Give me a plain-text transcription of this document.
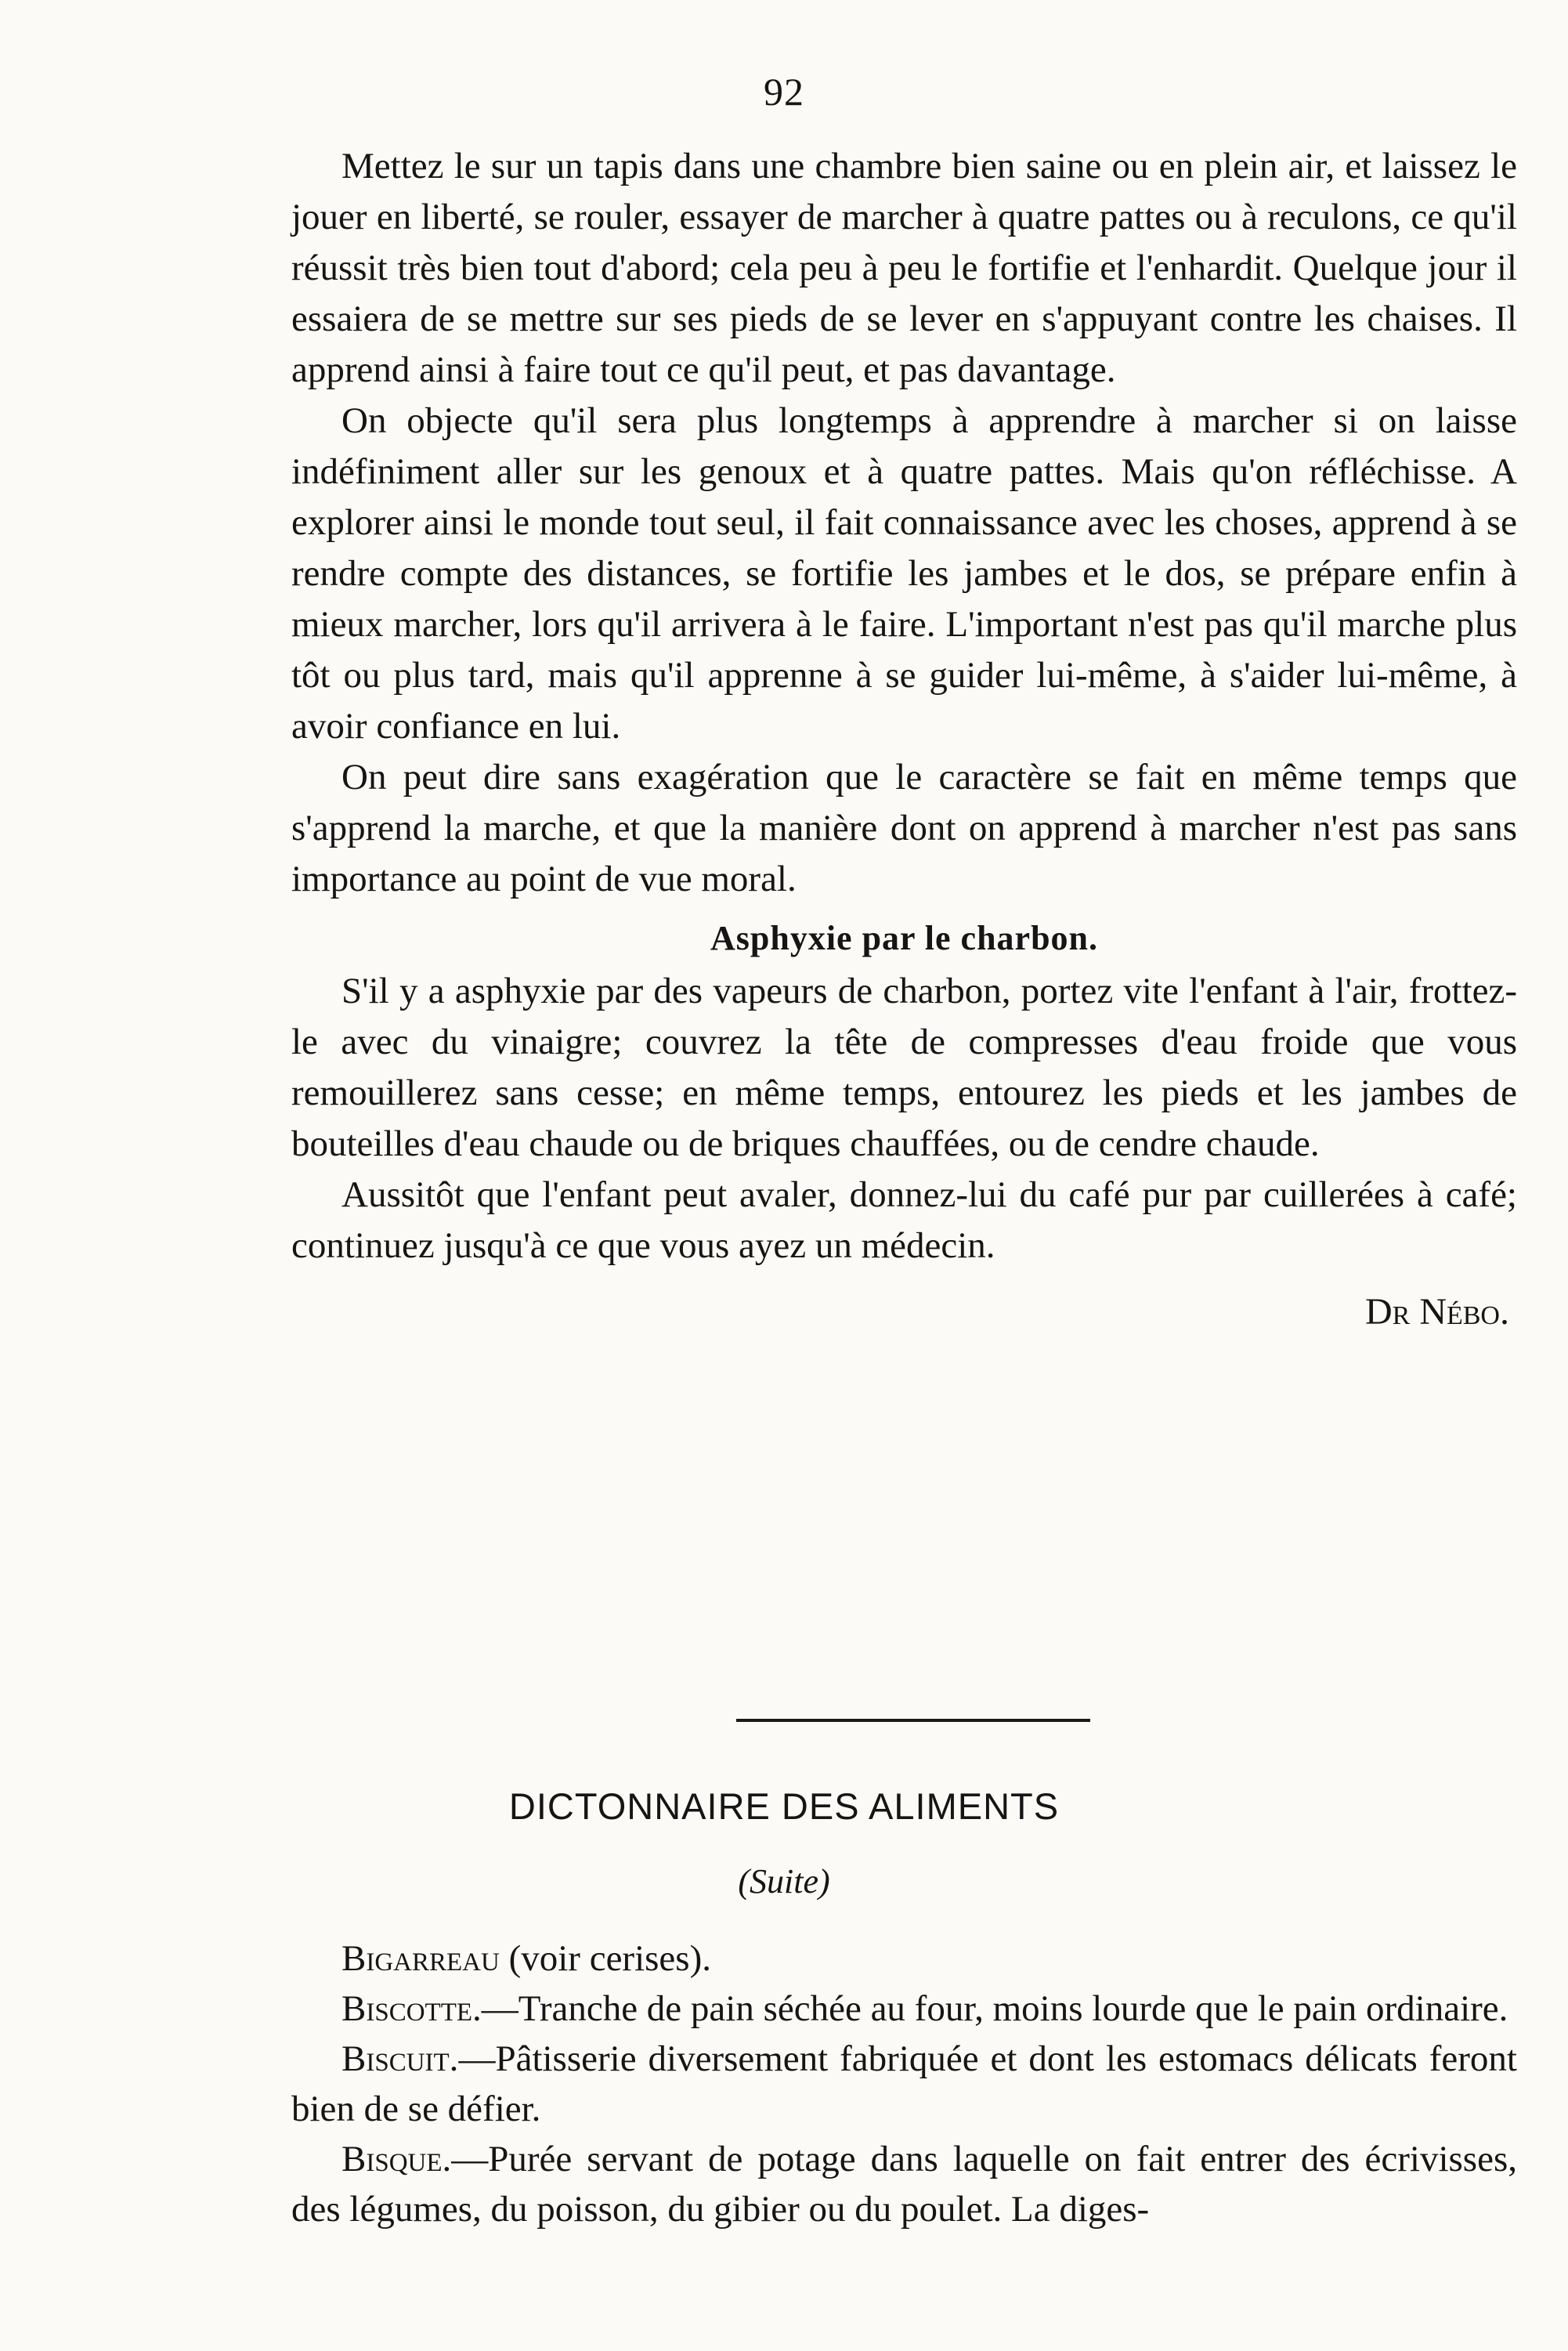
92

Mettez le sur un tapis dans une chambre bien saine ou en plein air, et laissez le jouer en liberté, se rouler, essayer de marcher à quatre pattes ou à reculons, ce qu'il réussit très bien tout d'abord; cela peu à peu le fortifie et l'enhardit. Quelque jour il essaiera de se mettre sur ses pieds de se lever en s'appuyant contre les chaises. Il apprend ainsi à faire tout ce qu'il peut, et pas davantage.

On objecte qu'il sera plus longtemps à apprendre à marcher si on laisse indéfiniment aller sur les genoux et à quatre pattes. Mais qu'on réfléchisse. A explorer ainsi le monde tout seul, il fait connaissance avec les choses, apprend à se rendre compte des distances, se fortifie les jambes et le dos, se prépare enfin à mieux marcher, lors qu'il arrivera à le faire. L'important n'est pas qu'il marche plus tôt ou plus tard, mais qu'il apprenne à se guider lui-même, à s'aider lui-même, à avoir confiance en lui.

On peut dire sans exagération que le caractère se fait en même temps que s'apprend la marche, et que la manière dont on apprend à marcher n'est pas sans importance au point de vue moral.

Asphyxie par le charbon.

S'il y a asphyxie par des vapeurs de charbon, portez vite l'enfant à l'air, frottez-le avec du vinaigre; couvrez la tête de compresses d'eau froide que vous remouillerez sans cesse; en même temps, entourez les pieds et les jambes de bouteilles d'eau chaude ou de briques chauffées, ou de cendre chaude.

Aussitôt que l'enfant peut avaler, donnez-lui du café pur par cuillerées à café; continuez jusqu'à ce que vous ayez un médecin.

Dr Nébo.
DICTONNAIRE DES ALIMENTS
(Suite)

Bigarreau (voir cerises).

Biscotte.—Tranche de pain séchée au four, moins lourde que le pain ordinaire.

Biscuit.—Pâtisserie diversement fabriquée et dont les estomacs délicats feront bien de se défier.

Bisque.—Purée servant de potage dans laquelle on fait entrer des écrivisses, des légumes, du poisson, du gibier ou du poulet. La diges-
